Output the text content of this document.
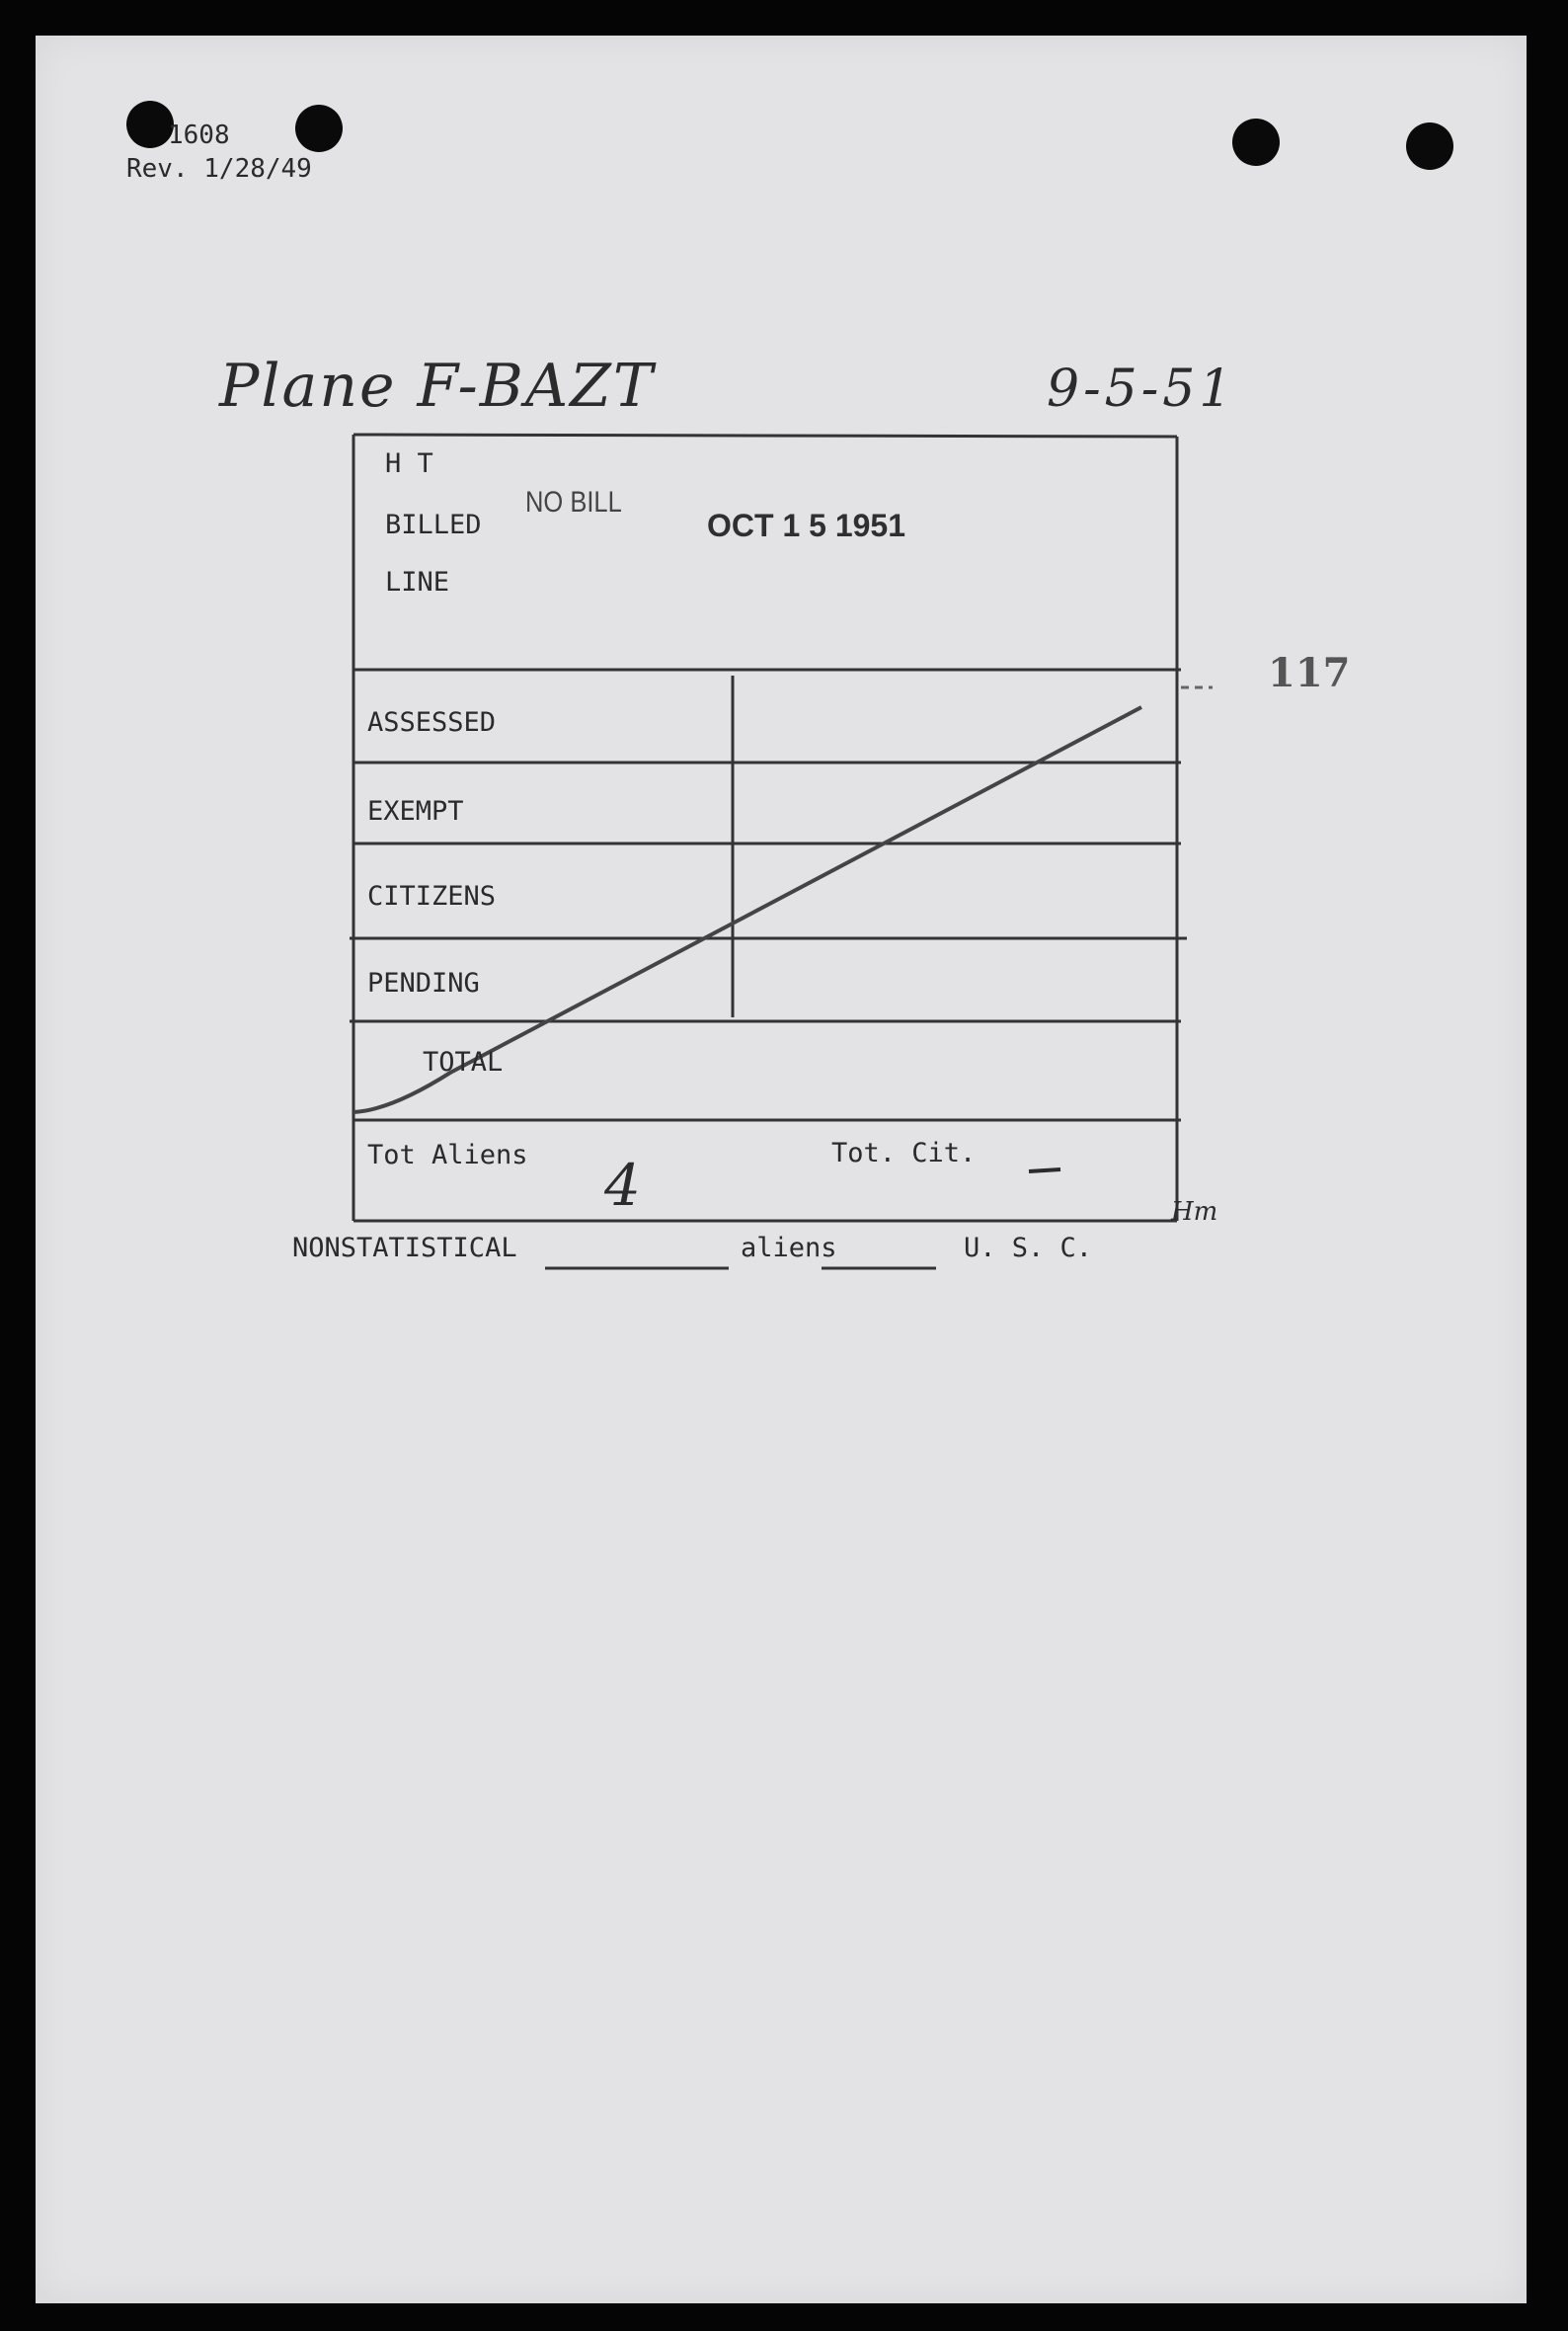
1608
Rev. 1/28/49
Plane F-BAZT	9-5-51
H T
BILLED
LINE
NO BILL
OCT 1 5 1951
117
ASSESSED
EXEMPT
CITIZENS
PENDING
TOTAL
Tot Aliens	Tot. Cit.
4	Hm
NONSTATISTICAL	aliens	U. S. C.
